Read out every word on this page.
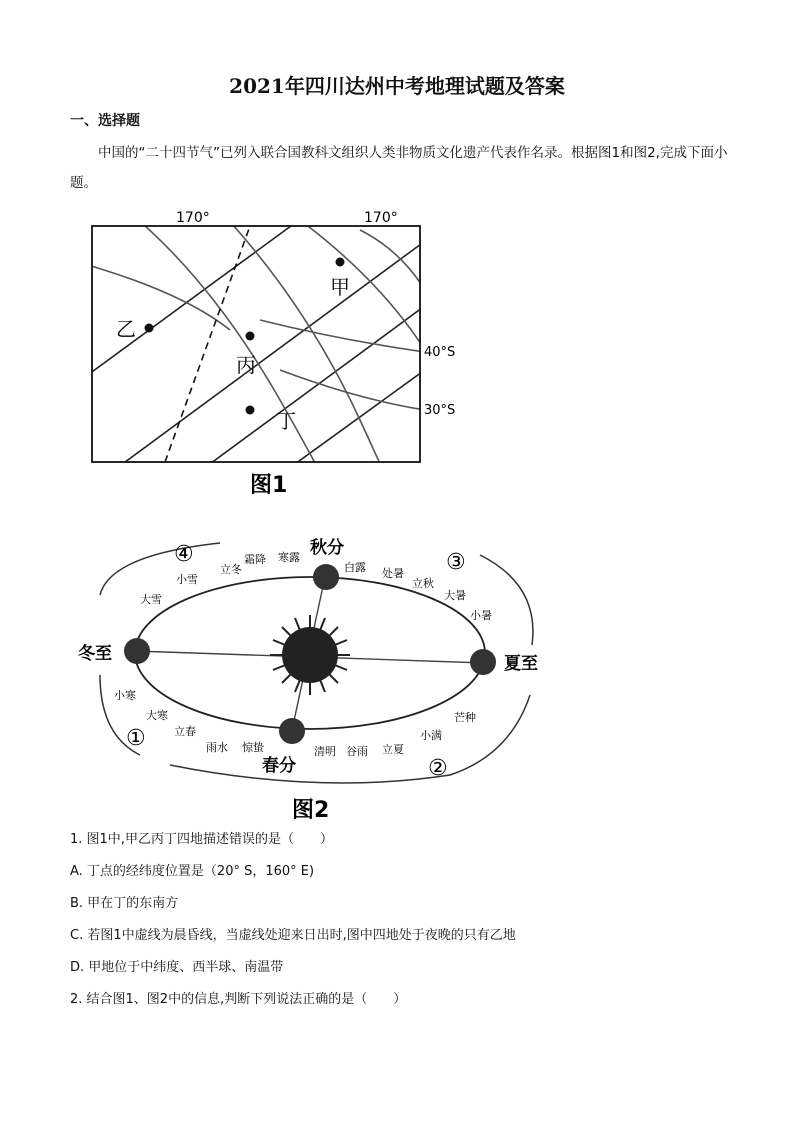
2021年四川达州中考地理试题及答案
一、选择题
中国的“二十四节气”已列入联合国教科文组织人类非物质文化遗产代表作名录。根据图1和图2,完成下面小题。
甲
乙
丙
丁
170°	170°
40°S
30°S
图1
秋分
冬至	夏至
春分
④	③
①
②
霜降 寒露
立冬
小雪
大雪
白露 处暑
立秋
大暑
小暑
小寒
大寒
立春
雨水 惊蛰
芒种
小满
清明 谷雨 立夏
图2
1. 图1中,甲乙丙丁四地描述错误的是（　　）
A. 丁点的经纬度位置是（20° S，160° E)
B. 甲在丁的东南方
C. 若图1中虚线为晨昏线，当虚线处迎来日出时,图中四地处于夜晚的只有乙地
D. 甲地位于中纬度、西半球、南温带
2. 结合图1、图2中的信息,判断下列说法正确的是（　　）
